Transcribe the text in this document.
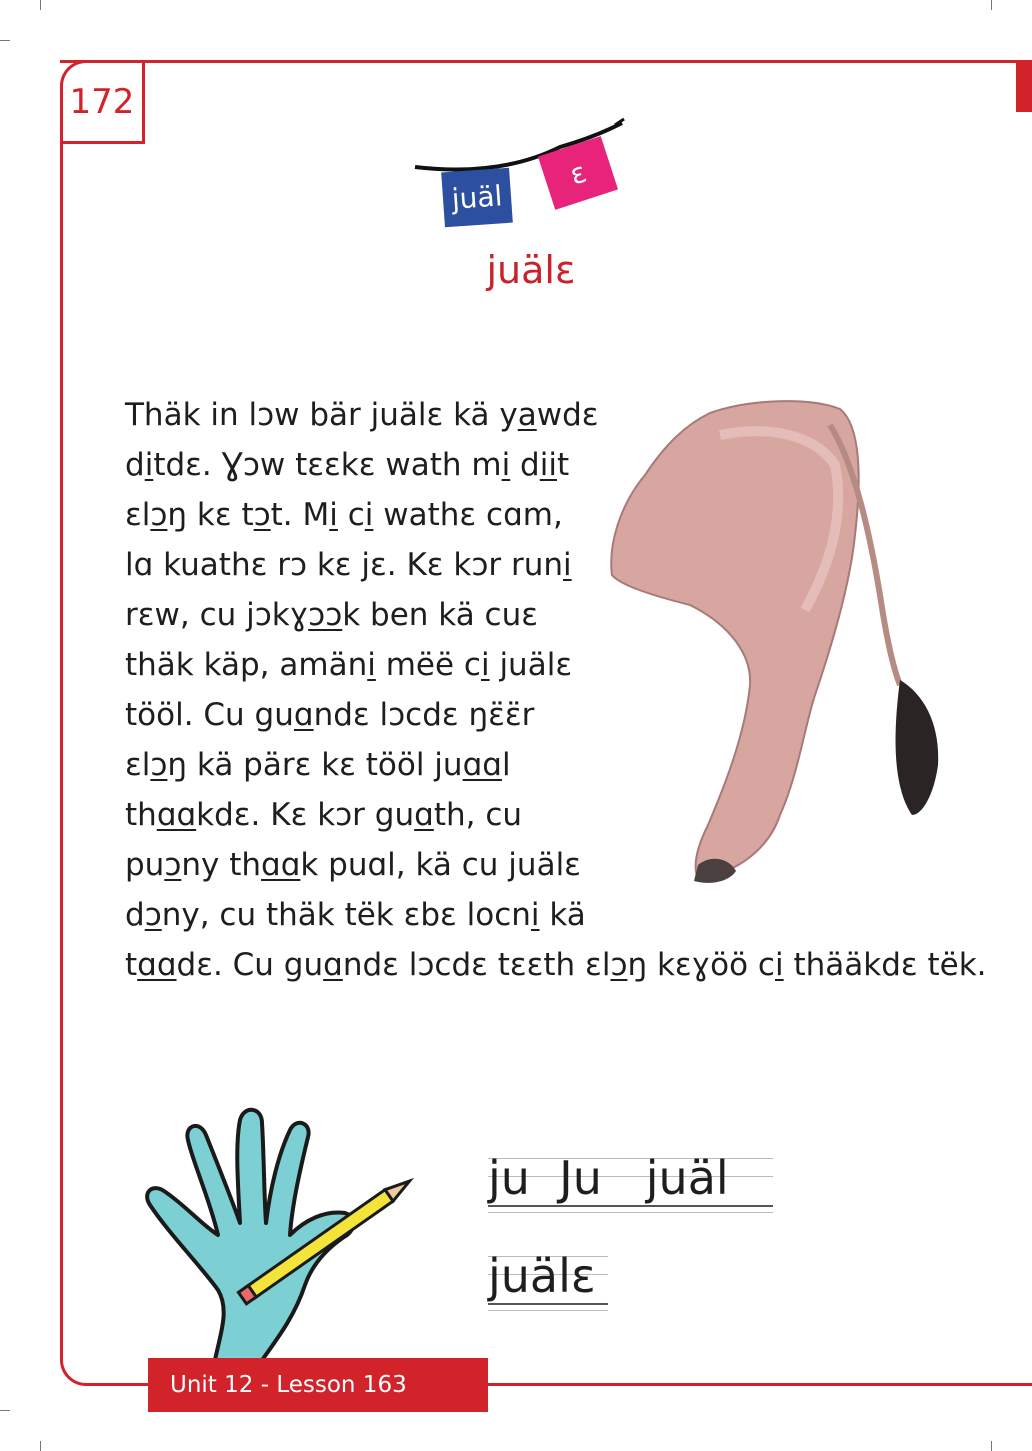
172
juäl
ɛ
juälɛ
Thäk in lɔw bär juälɛ kä yawdɛ
ditdɛ. Ɣɔw tɛɛkɛ wath mi diit
ɛlɔŋ kɛ tɔt. Mi ci wathɛ cɑm,
lɑ kuathɛ rɔ kɛ jɛ. Kɛ kɔr runi
rɛw, cu jɔkɣɔɔk ben kä cuɛ
thäk käp, amäni mëë ci juälɛ
tööl. Cu guɑndɛ lɔcdɛ ŋɛ̈ɛ̈r
ɛlɔŋ kä pärɛ kɛ tööl juɑɑl
thɑɑkdɛ. Kɛ kɔr guɑth, cu
puɔny thɑɑk puɑl, kä cu juälɛ
dɔny, cu thäk tëk ɛbɛ locni kä
tɑɑdɛ. Cu guɑndɛ lɔcdɛ tɛɛth ɛlɔŋ kɛɣöö ci thääkdɛ tëk.
ju  Ju   juäl
juälɛ
Unit 12 - Lesson 163
